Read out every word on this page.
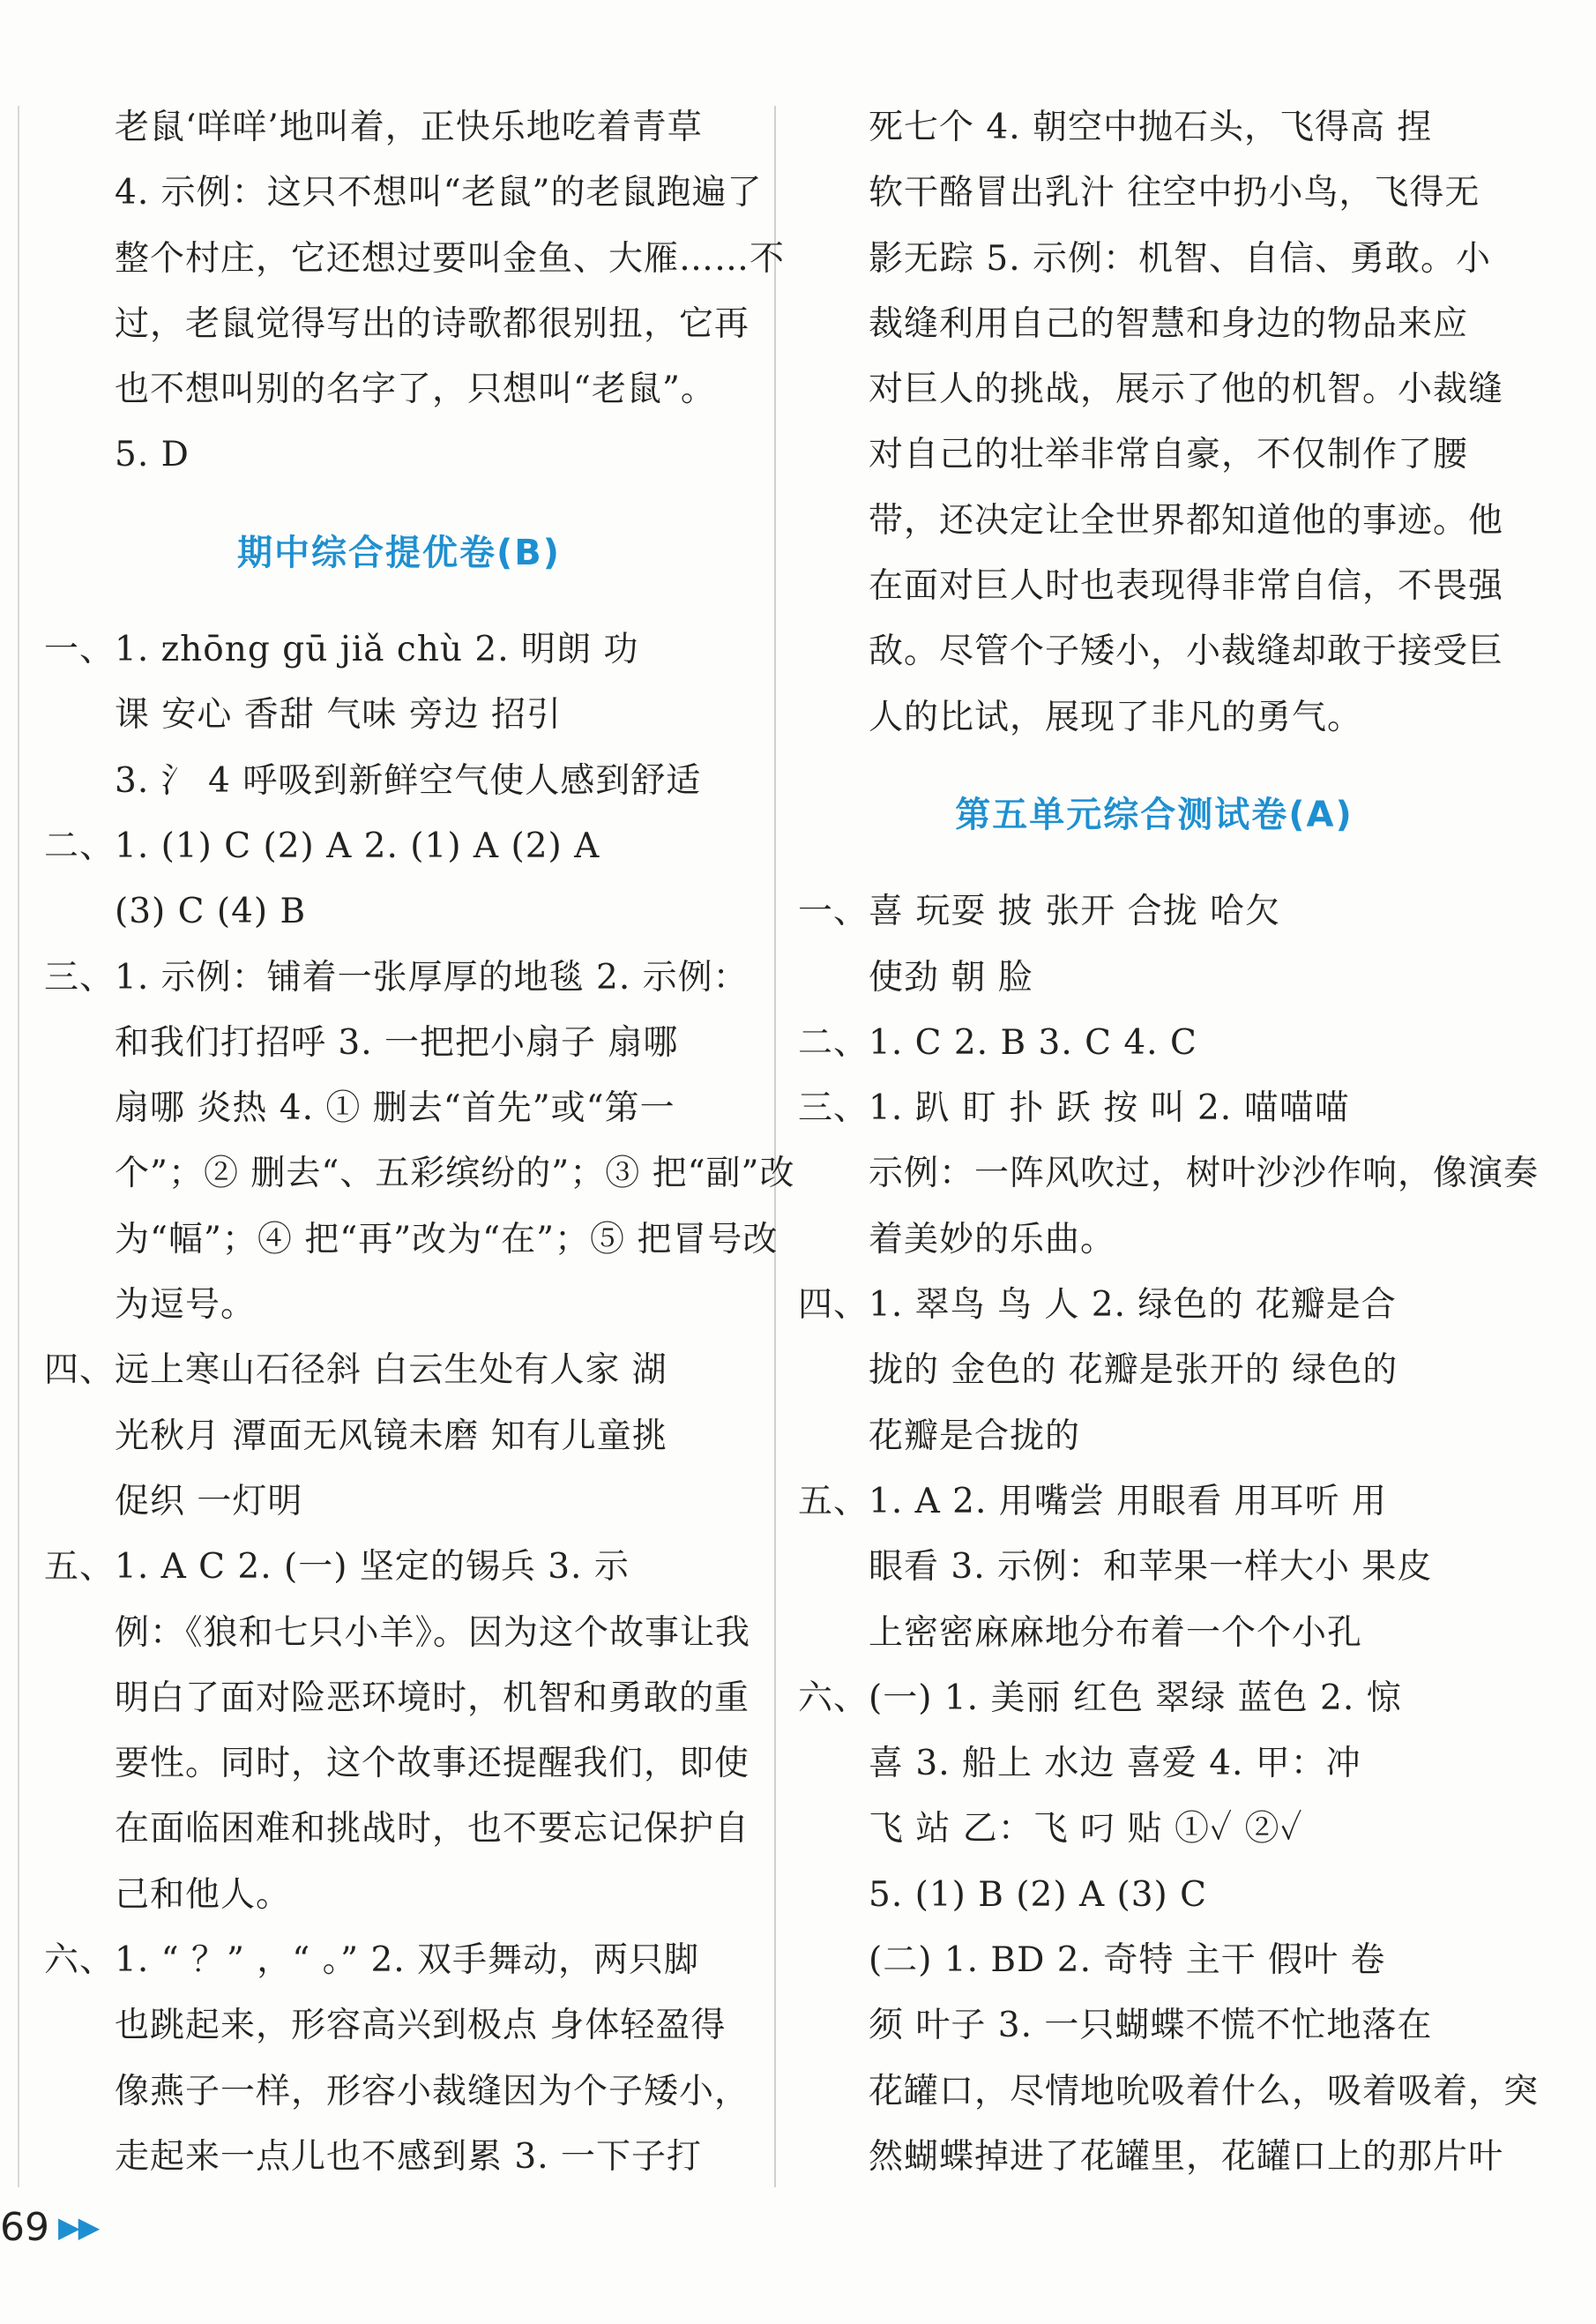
老鼠‘咩咩’地叫着，正快乐地吃着青草
4. 示例：这只不想叫“老鼠”的老鼠跑遍了
整个村庄，它还想过要叫金鱼、大雁……不
过，老鼠觉得写出的诗歌都很别扭，它再
也不想叫别的名字了，只想叫“老鼠”。
5. D
期中综合提优卷(B)
一、1. zhōng gū jiǎ chù 2. 明朗 功
课 安心 香甜 气味 旁边 招引
3. 氵 4 呼吸到新鲜空气使人感到舒适
二、1. (1) C (2) A 2. (1) A (2) A
(3) C (4) B
三、1. 示例：铺着一张厚厚的地毯 2. 示例：
和我们打招呼 3. 一把把小扇子 扇哪
扇哪 炎热 4. ① 删去“首先”或“第一
个”；② 删去“、五彩缤纷的”；③ 把“副”改
为“幅”；④ 把“再”改为“在”；⑤ 把冒号改
为逗号。
四、远上寒山石径斜 白云生处有人家 湖
光秋月 潭面无风镜未磨 知有儿童挑
促织 一灯明
五、1. A C 2. (一) 坚定的锡兵 3. 示
例：《狼和七只小羊》。因为这个故事让我
明白了面对险恶环境时，机智和勇敢的重
要性。同时，这个故事还提醒我们，即使
在面临困难和挑战时，也不要忘记保护自
己和他人。
六、1. “ ？” ，“ 。” 2. 双手舞动，两只脚
也跳起来，形容高兴到极点 身体轻盈得
像燕子一样，形容小裁缝因为个子矮小，
走起来一点儿也不感到累 3. 一下子打
死七个 4. 朝空中抛石头，飞得高 捏
软干酪冒出乳汁 往空中扔小鸟，飞得无
影无踪 5. 示例：机智、自信、勇敢。小
裁缝利用自己的智慧和身边的物品来应
对巨人的挑战，展示了他的机智。小裁缝
对自己的壮举非常自豪，不仅制作了腰
带，还决定让全世界都知道他的事迹。他
在面对巨人时也表现得非常自信，不畏强
敌。尽管个子矮小，小裁缝却敢于接受巨
人的比试，展现了非凡的勇气。
第五单元综合测试卷(A)
一、喜 玩耍 披 张开 合拢 哈欠
使劲 朝 脸
二、1. C 2. B 3. C 4. C
三、1. 趴 盯 扑 跃 按 叫 2. 喵喵喵
示例：一阵风吹过，树叶沙沙作响，像演奏
着美妙的乐曲。
四、1. 翠鸟 鸟 人 2. 绿色的 花瓣是合
拢的 金色的 花瓣是张开的 绿色的
花瓣是合拢的
五、1. A 2. 用嘴尝 用眼看 用耳听 用
眼看 3. 示例：和苹果一样大小 果皮
上密密麻麻地分布着一个个小孔
六、(一) 1. 美丽 红色 翠绿 蓝色 2. 惊
喜 3. 船上 水边 喜爱 4. 甲：冲
飞 站 乙：飞 叼 贴 ①✓ ②✓
5. (1) B (2) A (3) C
(二) 1. BD 2. 奇特 主干 假叶 卷
须 叶子 3. 一只蝴蝶不慌不忙地落在
花罐口，尽情地吮吸着什么，吸着吸着，突
然蝴蝶掉进了花罐里，花罐口上的那片叶
69 ▶▶
